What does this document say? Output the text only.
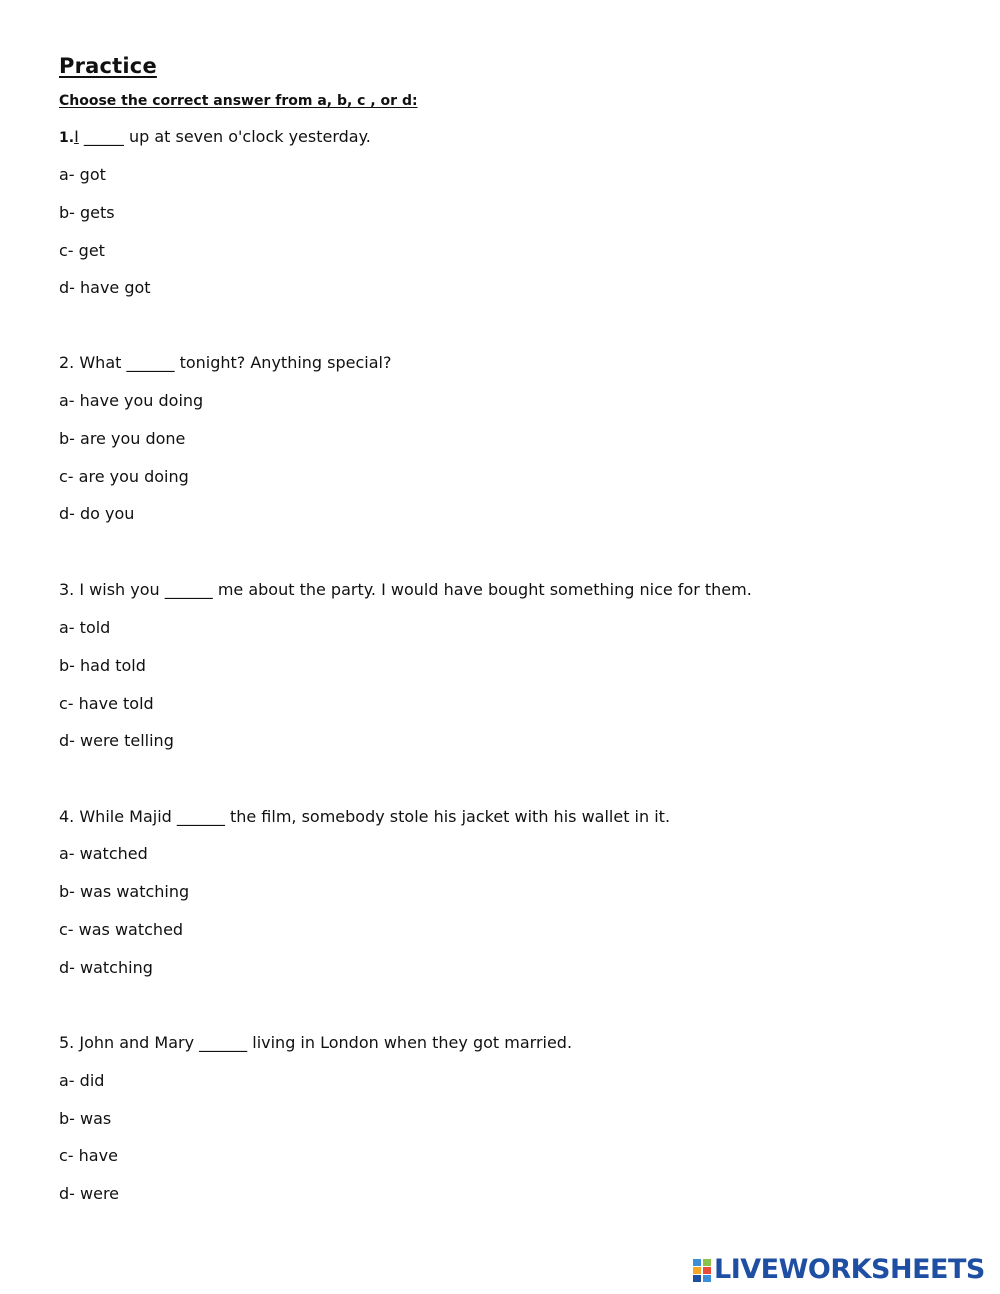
Practice
Choose the correct answer from a, b, c , or d:
1.I _____ up at seven o'clock yesterday.
a- got
b- gets
c- get
d- have got
2. What ______ tonight? Anything special?
a- have you doing
b- are you done
c- are you doing
d- do you
3. I wish you ______ me about the party. I would have bought something nice for them.
a- told
b- had told
c- have told
d- were telling
4. While Majid ______ the film, somebody stole his jacket with his wallet in it.
a- watched
b- was watching
c- was watched
d- watching
5. John and Mary ______ living in London when they got married.
a- did
b- was
c- have
d- were
LIVEWORKSHEETS
